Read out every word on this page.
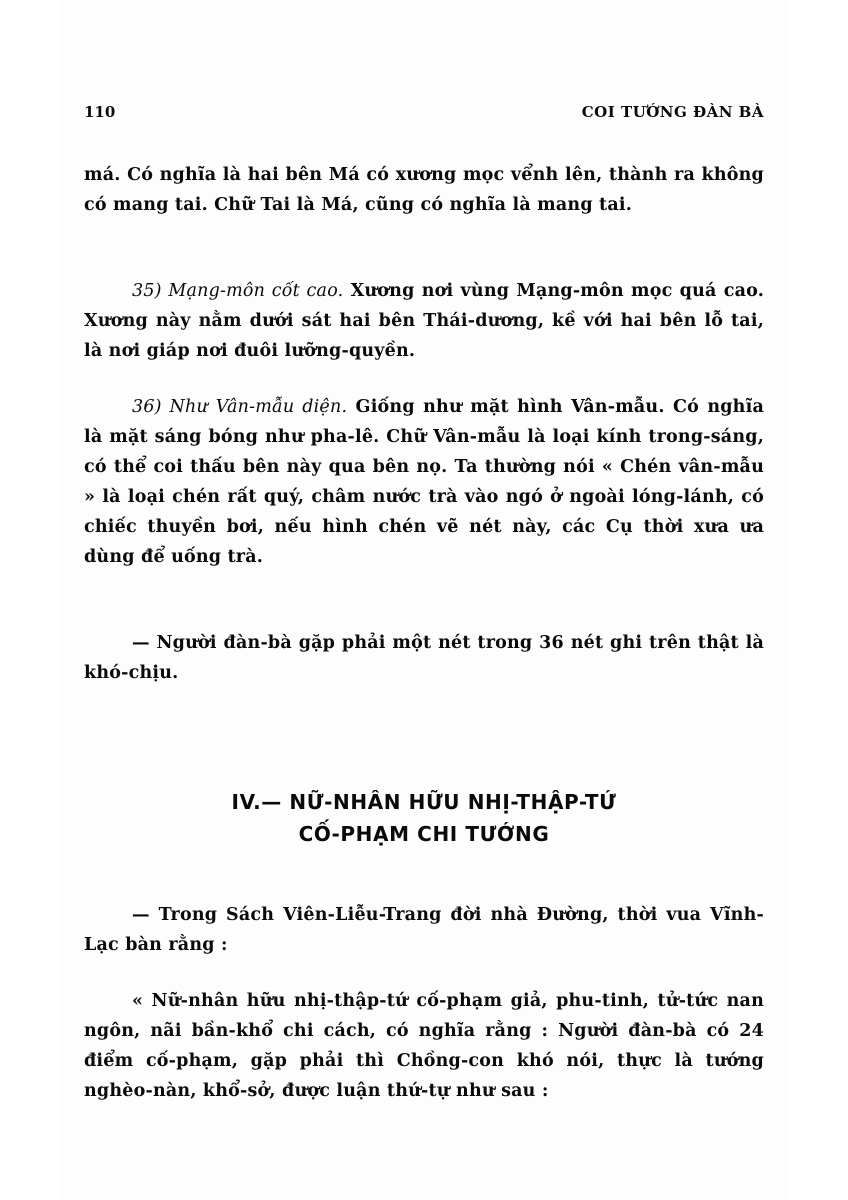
110	COI TƯỚNG ĐÀN BÀ

má. Có nghĩa là hai bên Má có xương mọc vểnh lên, thành ra không có mang tai. Chữ Tai là Má, cũng có nghĩa là mang tai.

35) Mạng-môn cốt cao. Xương nơi vùng Mạng-môn mọc quá cao. Xương này nằm dưới sát hai bên Thái-dương, kề với hai bên lỗ tai, là nơi giáp nơi đuôi lưỡng-quyền.

36) Như Vân-mẫu diện. Giống như mặt hình Vân-mẫu. Có nghĩa là mặt sáng bóng như pha-lê. Chữ Vân-mẫu là loại kính trong-sáng, có thể coi thấu bên này qua bên nọ. Ta thường nói « Chén vân-mẫu » là loại chén rất quý, châm nước trà vào ngó ở ngoài lóng-lánh, có chiếc thuyền bơi, nếu hình chén vẽ nét này, các Cụ thời xưa ưa dùng để uống trà.

— Người đàn-bà gặp phải một nét trong 36 nét ghi trên thật là khó-chịu.

IV.— NỮ-NHÂN HỮU NHỊ-THẬP-TỨ
CỐ-PHẠM CHI TƯỚNG

— Trong Sách Viên-Liễu-Trang đời nhà Đường, thời vua Vĩnh-Lạc bàn rằng :

« Nữ-nhân hữu nhị-thập-tứ cố-phạm giả, phu-tinh, tử-tức nan ngôn, nãi bần-khổ chi cách, có nghĩa rằng : Người đàn-bà có 24 điểm cố-phạm, gặp phải thì Chồng-con khó nói, thực là tướng nghèo-nàn, khổ-sở, được luận thứ-tự như sau :
